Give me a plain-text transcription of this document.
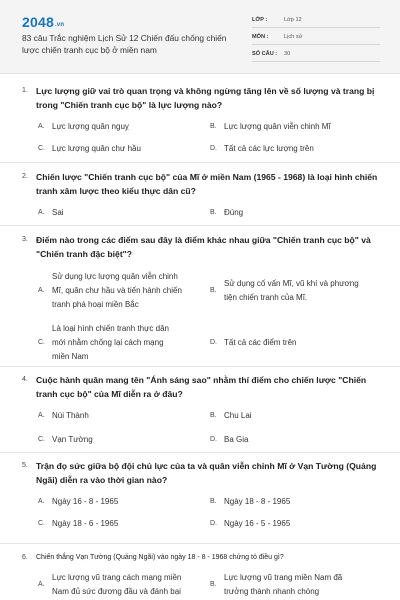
2048.vn
83 câu Trắc nghiệm Lịch Sử 12 Chiến đấu chống chiến lược chiến tranh cục bộ ở miền nam
LỚP :	Lớp 12
MÔN :	Lịch sử
SỐ CÂU :	30
1. Lực lượng giữ vai trò quan trọng và không ngừng tăng lên về số lượng và trang bị trong "Chiến tranh cục bộ" là lực lượng nào?
A. Lực lượng quân nguỵ	B. Lực lượng quân viễn chinh Mĩ
C. Lực lượng quân chư hầu	D. Tất cả các lực lượng trên
2. Chiến lược "Chiến tranh cục bộ" của Mĩ ở miền Nam (1965 - 1968) là loại hình chiến tranh xâm lược theo kiểu thực dân cũ?
A. Sai	B. Đúng
3. Điểm nào trong các điểm sau đây là điểm khác nhau giữa "Chiến tranh cục bộ" và "Chiến tranh đặc biệt"?
A.
Sử dụng lực lượng quân viễn chinh
Mĩ, quân chư hầu và tiến hành chiến
tranh phá hoại miền Bắc
B.
Sử dụng cố vấn Mĩ, vũ khí và phương
tiện chiến tranh của Mĩ.
C.
Là loại hình chiến tranh thực dân
mới nhằm chống lại cách mạng
miền Nam
D. Tất cả các điểm trên
4. Cuộc hành quân mang tên "Ánh sáng sao" nhằm thí điểm cho chiến lược "Chiến tranh cục bộ" của Mĩ diễn ra ở đâu?
A. Núi Thành	B. Chu Lai
C. Vạn Tường	D. Ba Gia
5. Trận đọ sức giữa bộ đội chủ lực của ta và quân viễn chinh Mĩ ở Vạn Tường (Quảng Ngãi) diễn ra vào thời gian nào?
A. Ngày 16 - 8 - 1965	B. Ngày 18 - 8 - 1965
C. Ngày 18 - 6 - 1965	D. Ngày 16 - 5 - 1965
6.	Chiến thắng Vạn Tường (Quảng Ngãi) vào ngày 18 - 8 - 1968 chứng tỏ điều gì?
A.
Lực lượng vũ trang cách mạng miền
Nam đủ sức đương đầu và đánh bại
B.
Lực lượng vũ trang miền Nam đã
trưởng thành nhanh chóng
